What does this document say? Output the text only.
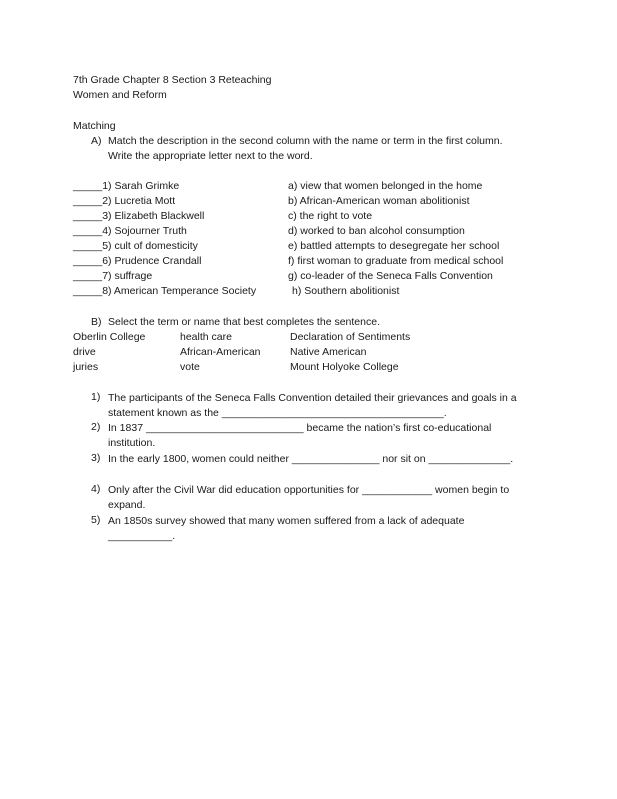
7th Grade Chapter 8 Section 3 Reteaching
Women and Reform
Matching
A) Match the description in the second column with the name or term in the first column.
Write the appropriate letter next to the word.
_____1) Sarah Grimke	a) view that women belonged in the home
_____2) Lucretia Mott	b) African-American woman abolitionist
_____3) Elizabeth Blackwell	c) the right to vote
_____4) Sojourner Truth	d) worked to ban alcohol consumption
_____5) cult of domesticity	e) battled attempts to desegregate her school
_____6) Prudence Crandall	f) first woman to graduate from medical school
_____7) suffrage	g) co-leader of the Seneca Falls Convention
_____8) American Temperance Society	h) Southern abolitionist
B) Select the term or name that best completes the sentence.
Oberlin College	health care	Declaration of Sentiments
drive	African-American	Native American
juries	vote	Mount Holyoke College
1) The participants of the Seneca Falls Convention detailed their grievances and goals in a statement known as the ______________________________________.
2) In 1837 ___________________________ became the nation’s first co-educational institution.
3) In the early 1800, women could neither _______________ nor sit on ______________.
4) Only after the Civil War did education opportunities for ____________ women begin to expand.
5) An 1850s survey showed that many women suffered from a lack of adequate ___________.
